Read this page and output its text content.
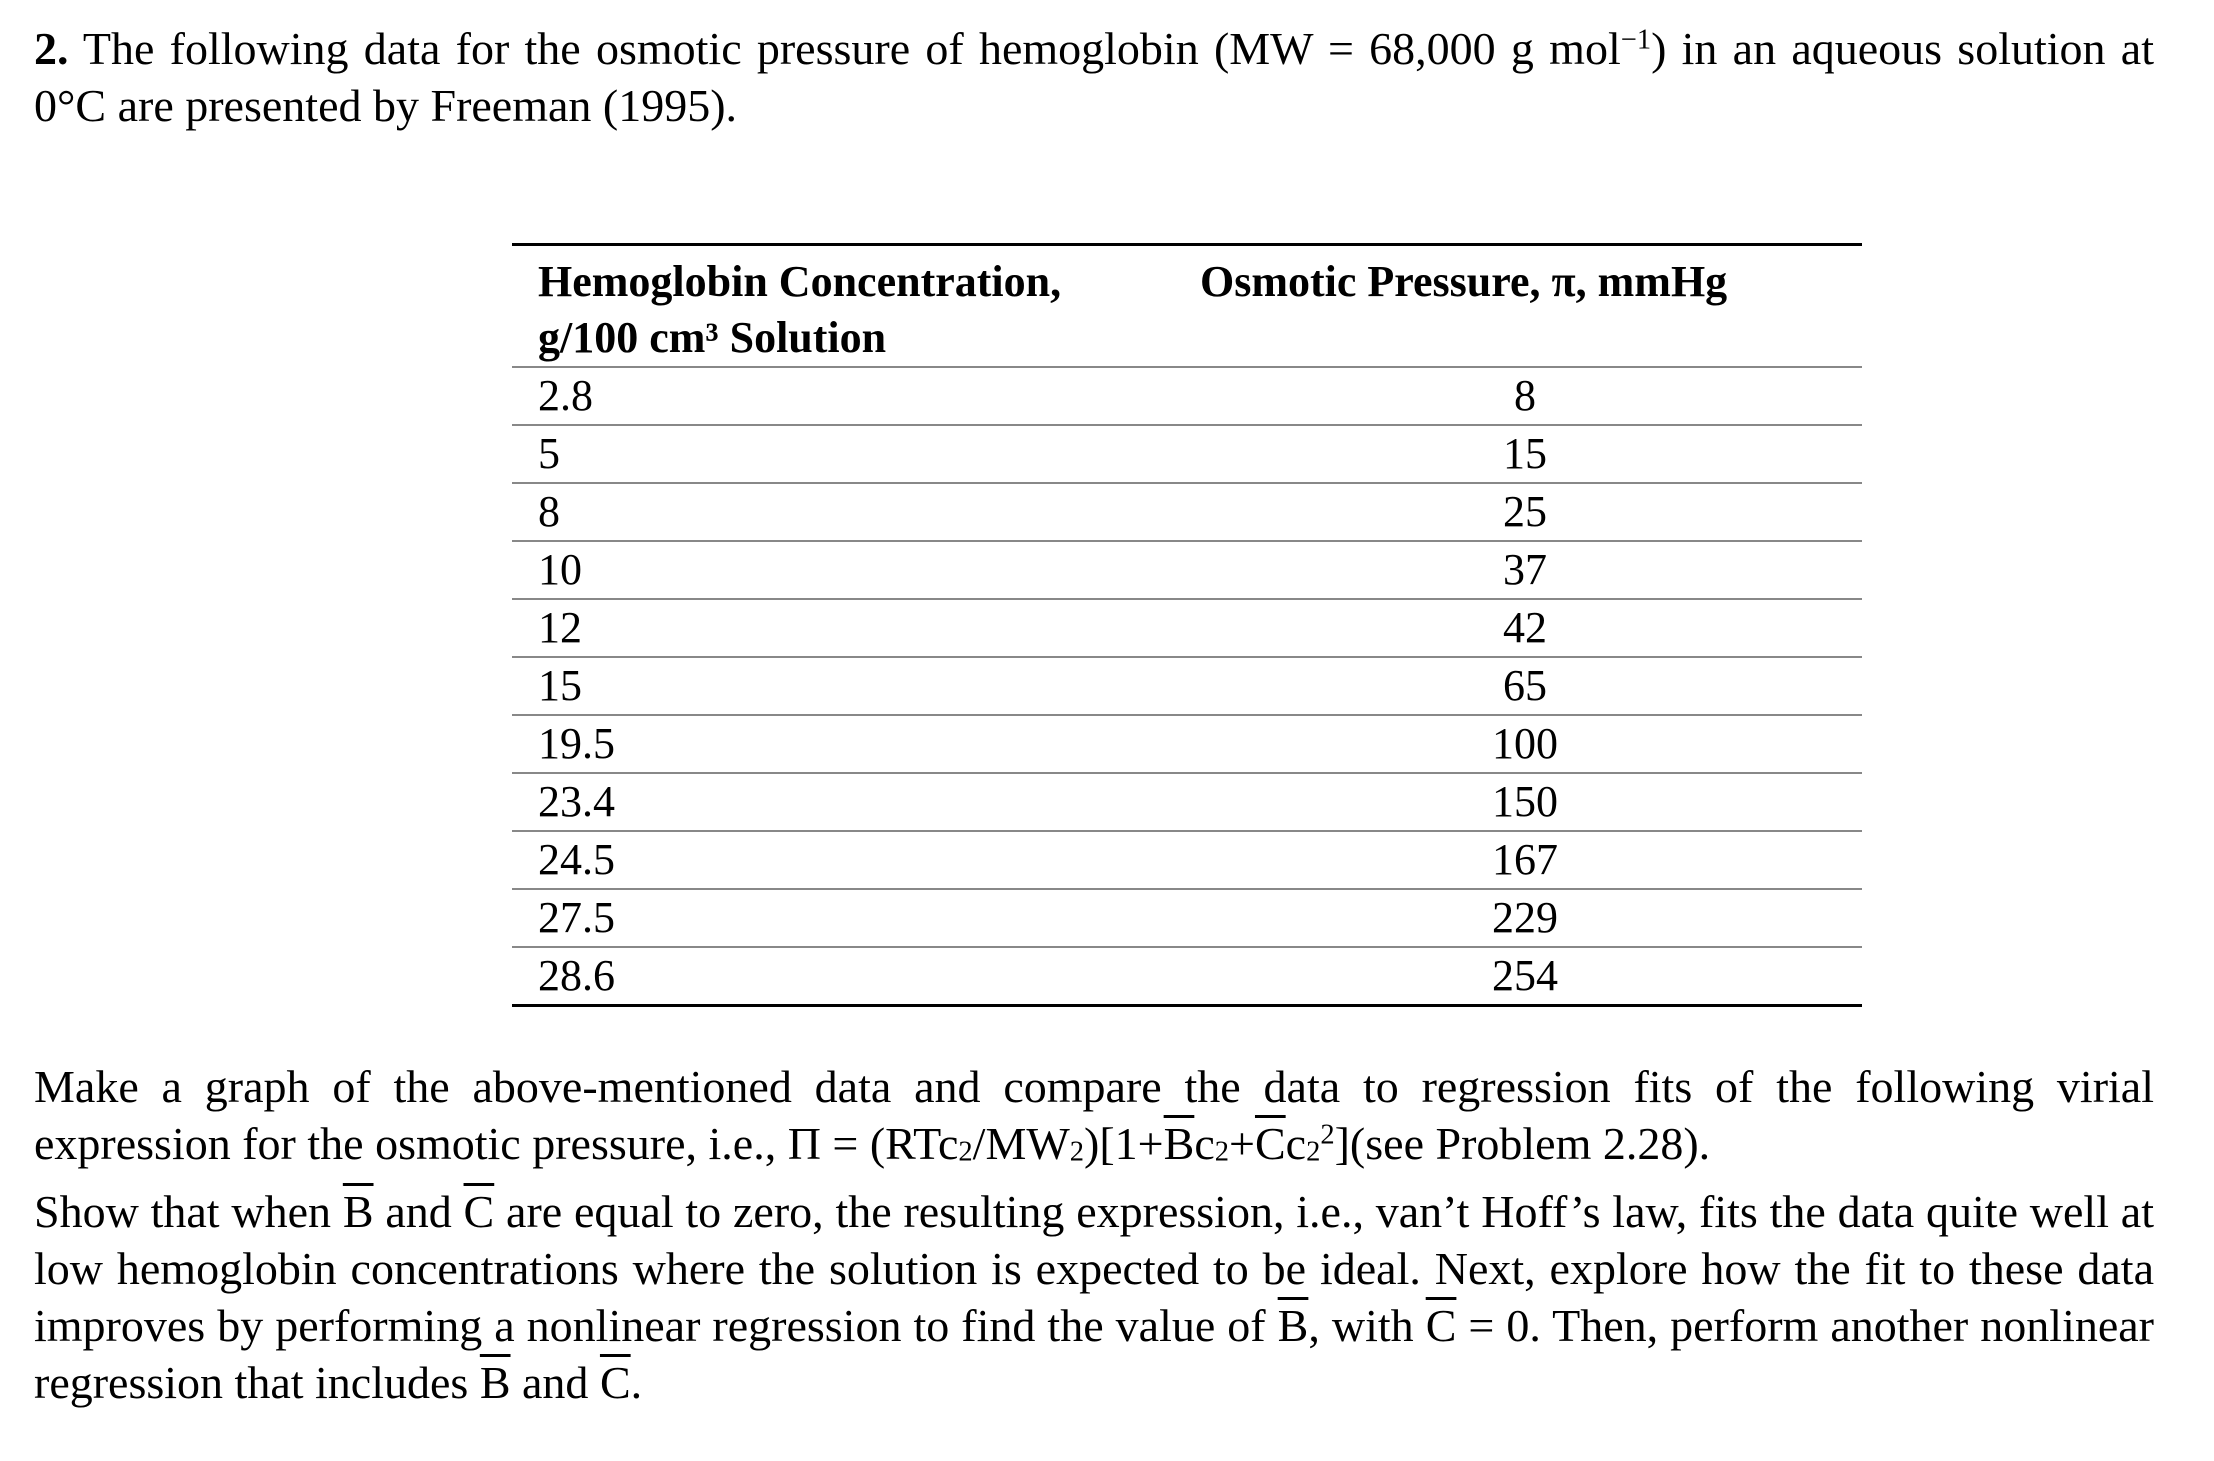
2. The following data for the osmotic pressure of hemoglobin (MW = 68,000 g mol$^{-1}$) in an aqueous solution at 0°C are presented by Freeman (1995).

Hemoglobin Concentration,
g/100 cm³ Solution	Osmotic Pressure, π, mmHg
2.8	8
5	15
8	25
10	37
12	42
15	65
19.5	100
23.4	150
24.5	167
27.5	229
28.6	254

Make a graph of the above-mentioned data and compare the data to regression fits of the following virial expression for the osmotic pressure, i.e., $\Pi = (RTc_2/MW_2)[1+\overline{B}c_2+\overline{C}c_2^2](see$ Problem 2.28).

Show that when $\overline{B}$ and $\overline{C}$ are equal to zero, the resulting expression, i.e., van’t Hoff’s law, fits the data quite well at low hemoglobin concentrations where the solution is expected to be ideal. Next, explore how the fit to these data improves by performing a nonlinear regression to find the value of $\overline{B}$, with $\overline{C} = 0$. Then, perform another nonlinear regression that includes $\overline{B}$ and $\overline{C}$.
